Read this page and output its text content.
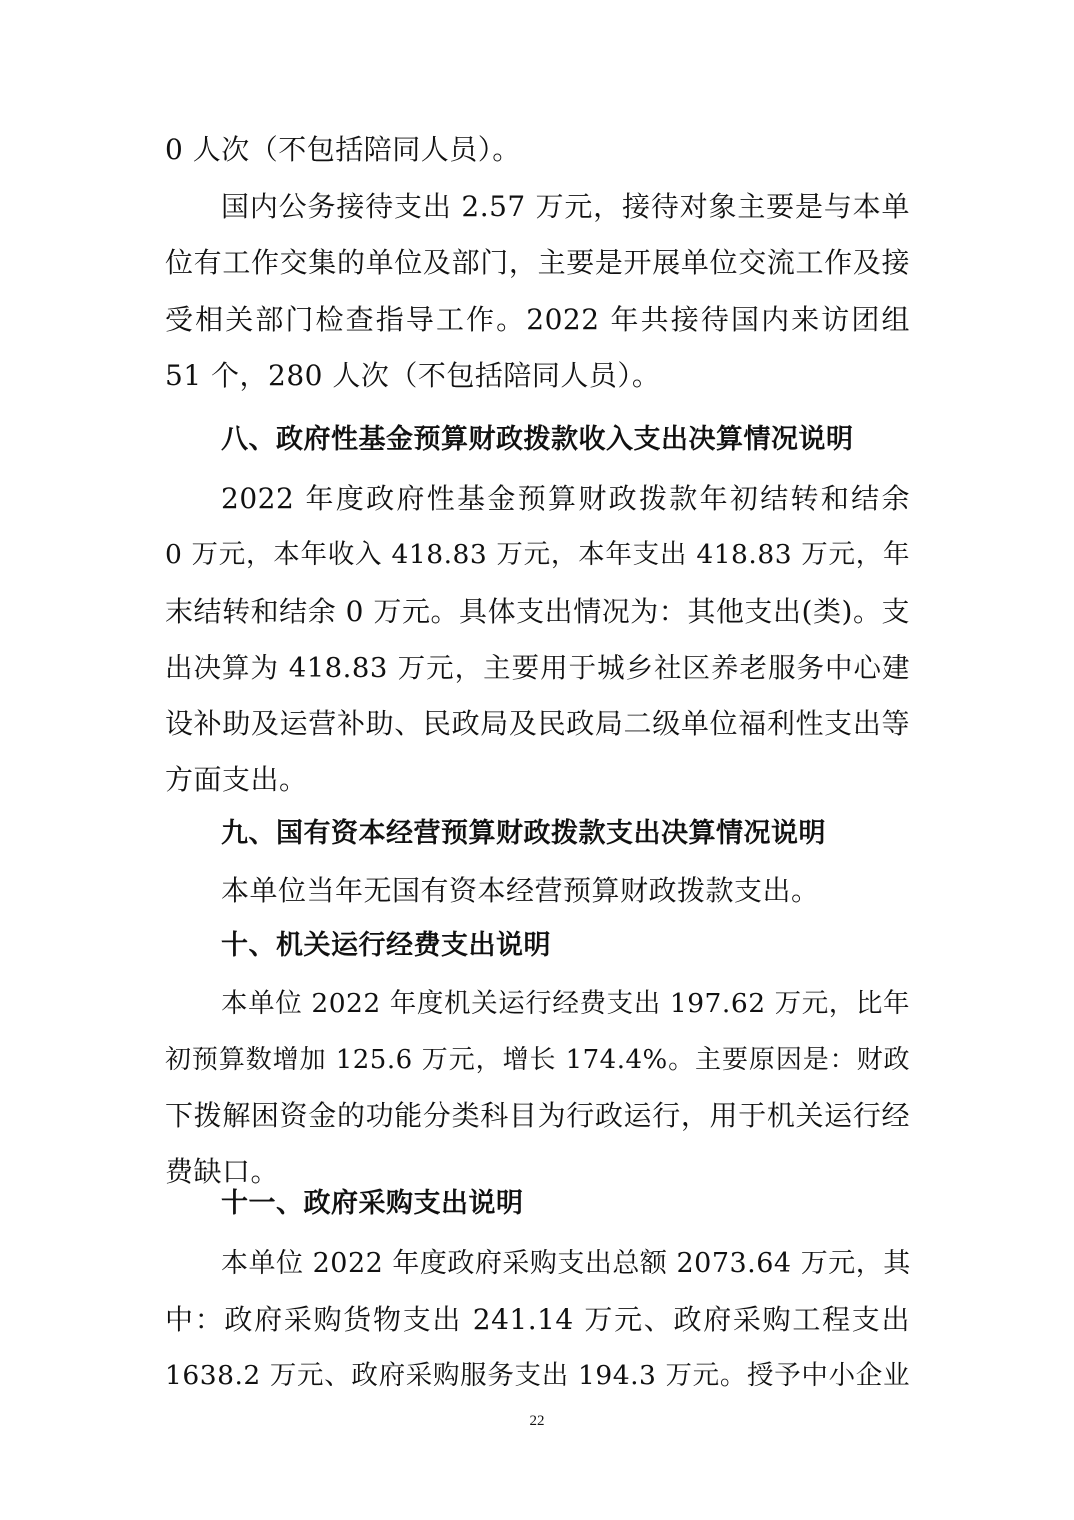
0 人次（不包括陪同人员）。
国内公务接待支出 2.57 万元，接待对象主要是与本单
位有工作交集的单位及部门，主要是开展单位交流工作及接
受相关部门检查指导工作。2022 年共接待国内来访团组
51 个，280 人次（不包括陪同人员）。
八、政府性基金预算财政拨款收入支出决算情况说明
2022 年度政府性基金预算财政拨款年初结转和结余
0 万元，本年收入 418.83 万元，本年支出 418.83 万元，年
末结转和结余 0 万元。具体支出情况为：其他支出(类)。支
出决算为 418.83 万元，主要用于城乡社区养老服务中心建
设补助及运营补助、民政局及民政局二级单位福利性支出等
方面支出。
九、国有资本经营预算财政拨款支出决算情况说明
本单位当年无国有资本经营预算财政拨款支出。
十、机关运行经费支出说明
本单位 2022 年度机关运行经费支出 197.62 万元，比年
初预算数增加 125.6 万元，增长 174.4%。主要原因是：财政
下拨解困资金的功能分类科目为行政运行，用于机关运行经
费缺口。
十一、政府采购支出说明
本单位 2022 年度政府采购支出总额 2073.64 万元，其
中：政府采购货物支出 241.14 万元、政府采购工程支出
1638.2 万元、政府采购服务支出 194.3 万元。授予中小企业
22
